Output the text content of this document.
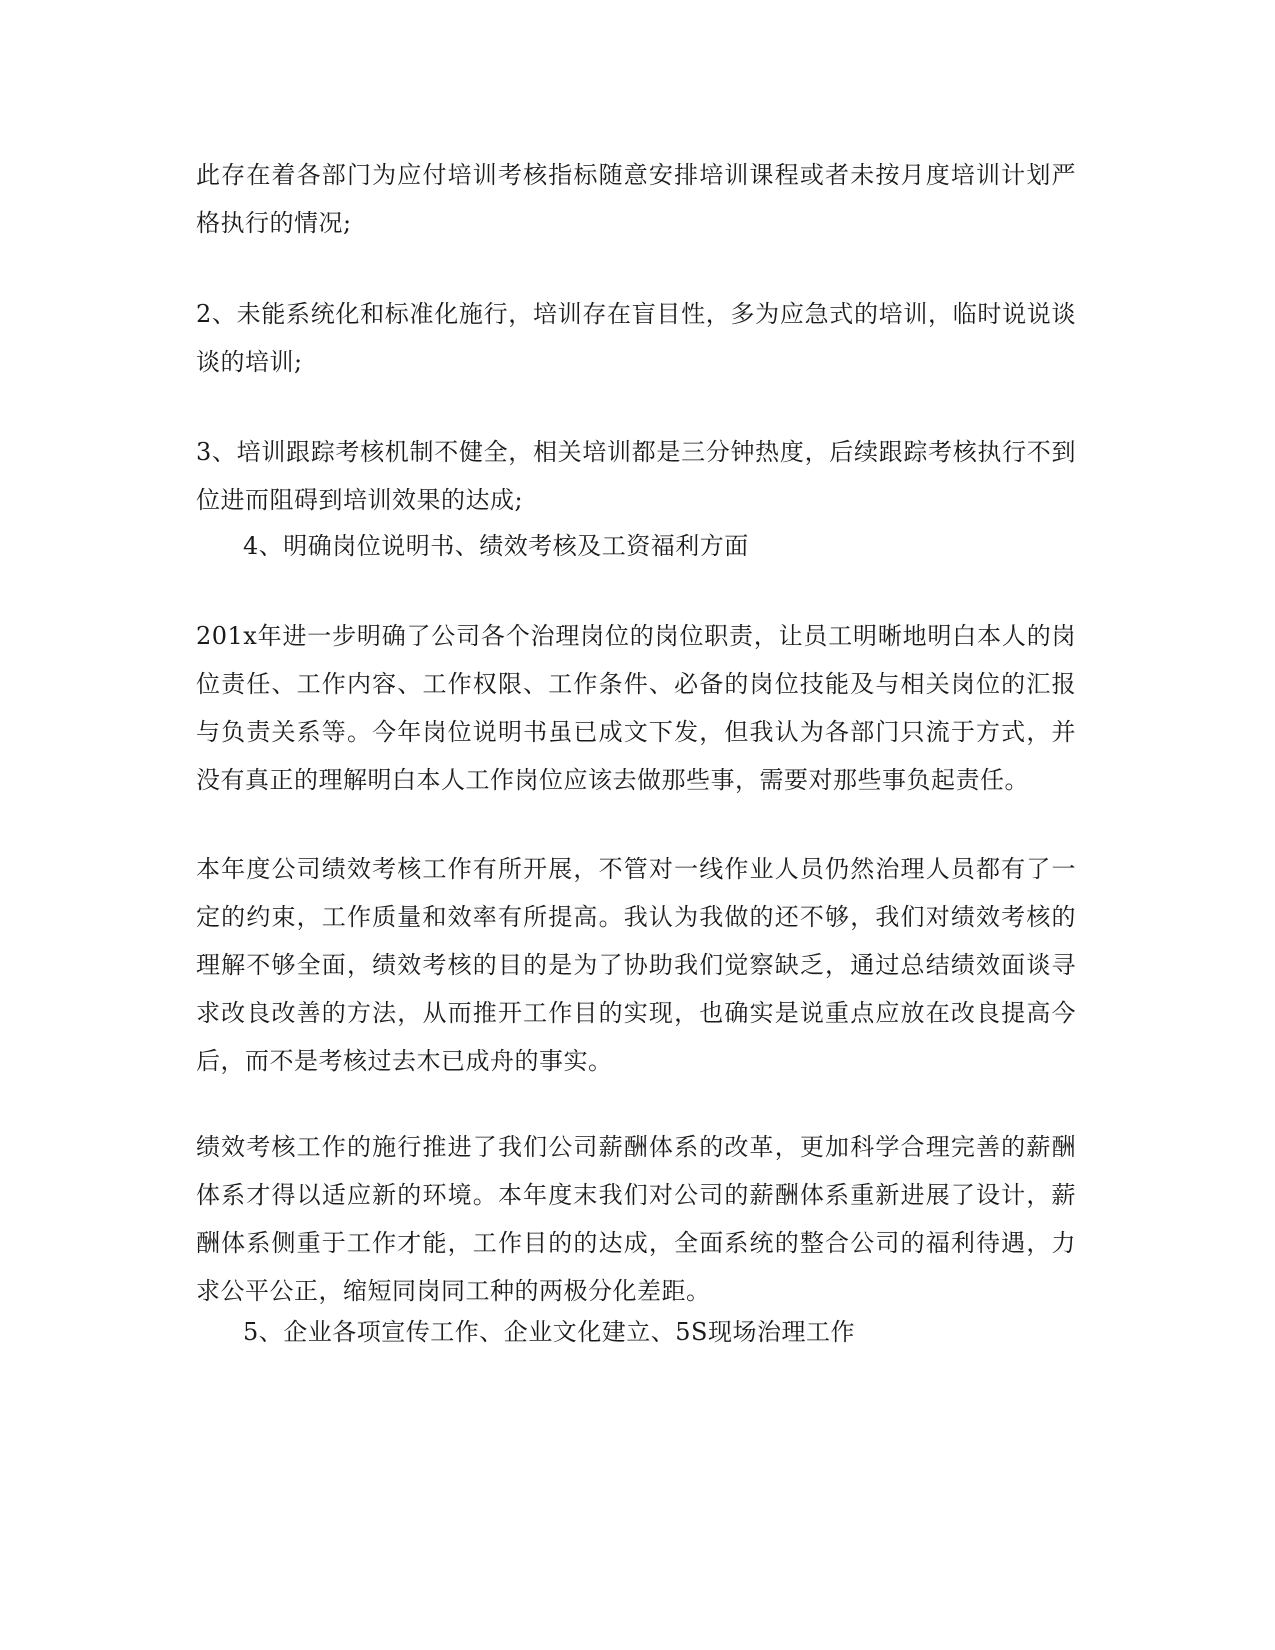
此存在着各部门为应付培训考核指标随意安排培训课程或者未按月度培训计划严格执行的情况;

2、未能系统化和标准化施行，培训存在盲目性，多为应急式的培训，临时说说谈谈的培训;

3、培训跟踪考核机制不健全，相关培训都是三分钟热度，后续跟踪考核执行不到位进而阻碍到培训效果的达成;

4、明确岗位说明书、绩效考核及工资福利方面

201x年进一步明确了公司各个治理岗位的岗位职责，让员工明晰地明白本人的岗位责任、工作内容、工作权限、工作条件、必备的岗位技能及与相关岗位的汇报与负责关系等。今年岗位说明书虽已成文下发，但我认为各部门只流于方式，并没有真正的理解明白本人工作岗位应该去做那些事，需要对那些事负起责任。

本年度公司绩效考核工作有所开展，不管对一线作业人员仍然治理人员都有了一定的约束，工作质量和效率有所提高。我认为我做的还不够，我们对绩效考核的理解不够全面，绩效考核的目的是为了协助我们觉察缺乏，通过总结绩效面谈寻求改良改善的方法，从而推开工作目的实现，也确实是说重点应放在改良提高今后，而不是考核过去木已成舟的事实。

绩效考核工作的施行推进了我们公司薪酬体系的改革，更加科学合理完善的薪酬体系才得以适应新的环境。本年度末我们对公司的薪酬体系重新进展了设计，薪酬体系侧重于工作才能，工作目的的达成，全面系统的整合公司的福利待遇，力求公平公正，缩短同岗同工种的两极分化差距。

5、企业各项宣传工作、企业文化建立、5S现场治理工作
